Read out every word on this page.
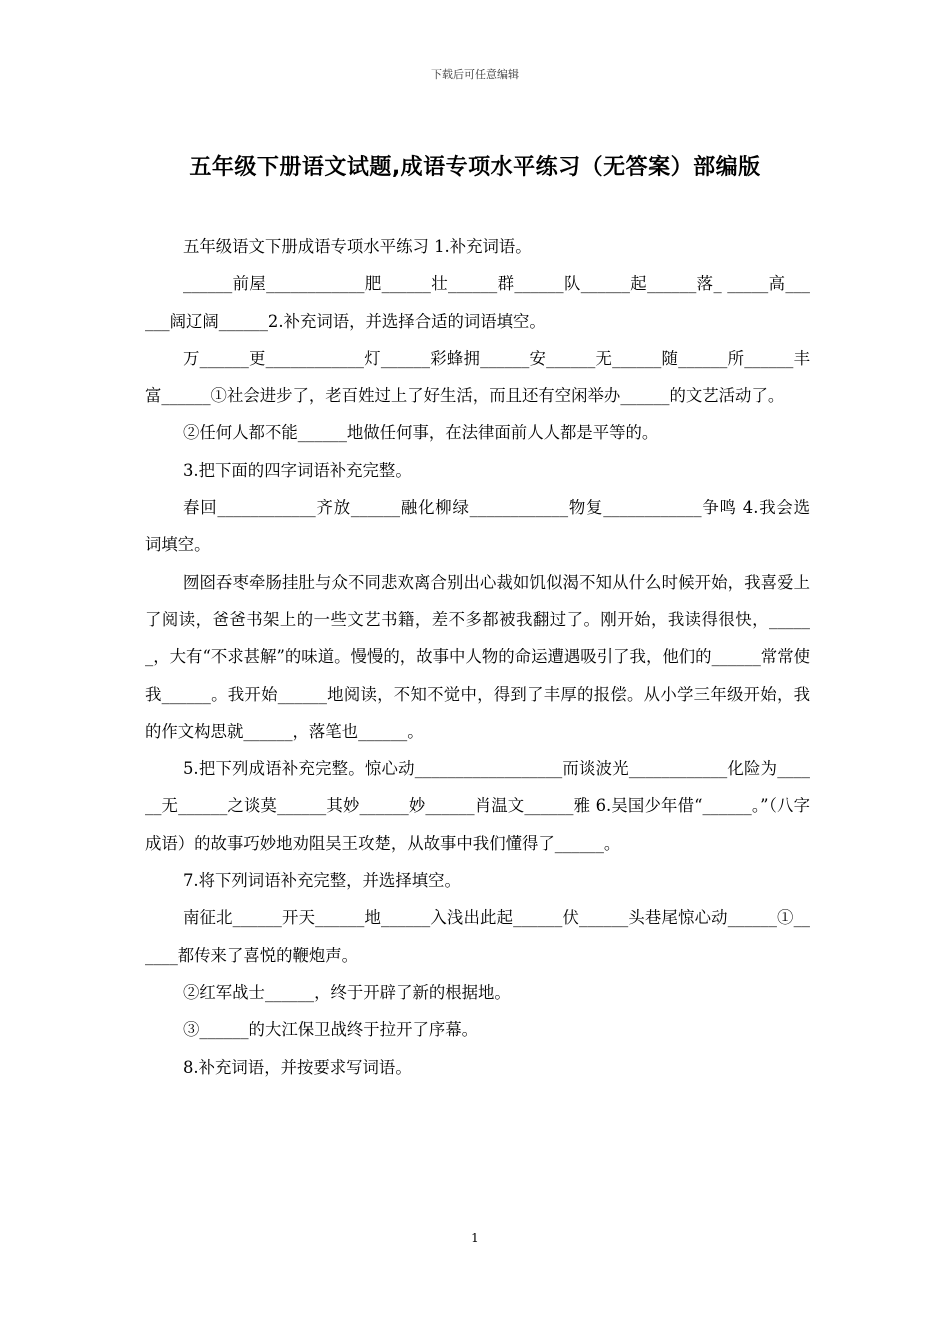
下载后可任意编辑
五年级下册语文试题,成语专项水平练习（无答案）部编版

五年级语文下册成语专项水平练习 1.补充词语。

______前屋____________肥______壮______群______队______起______落_ _____高______阔辽阔______2.补充词语，并选择合适的词语填空。

万______更____________灯______彩蜂拥______安______无______随______所______丰富______①社会进步了，老百姓过上了好生活，而且还有空闲举办______的文艺活动了。

②任何人都不能______地做任何事，在法律面前人人都是平等的。

3.把下面的四字词语补充完整。

春回____________齐放______融化柳绿____________物复____________争鸣 4.我会选词填空。

囫囵吞枣牵肠挂肚与众不同悲欢离合别出心裁如饥似渴不知从什么时候开始，我喜爱上了阅读，爸爸书架上的一些文艺书籍，差不多都被我翻过了。刚开始，我读得很快，______，大有“不求甚解”的味道。慢慢的，故事中人物的命运遭遇吸引了我，他们的______常常使我______。我开始______地阅读，不知不觉中，得到了丰厚的报偿。从小学三年级开始，我的作文构思就______，落笔也______。

5.把下列成语补充完整。惊心动__________________而谈波光____________化险为______无______之谈莫______其妙______妙______肖温文______雅 6.吴国少年借“______。”（八字成语）的故事巧妙地劝阻吴王攻楚，从故事中我们懂得了______。

7.将下列词语补充完整，并选择填空。

南征北______开天______地______入浅出此起______伏______头巷尾惊心动______①______都传来了喜悦的鞭炮声。

②红军战士______，终于开辟了新的根据地。

③______的大江保卫战终于拉开了序幕。

8.补充词语，并按要求写词语。

1
